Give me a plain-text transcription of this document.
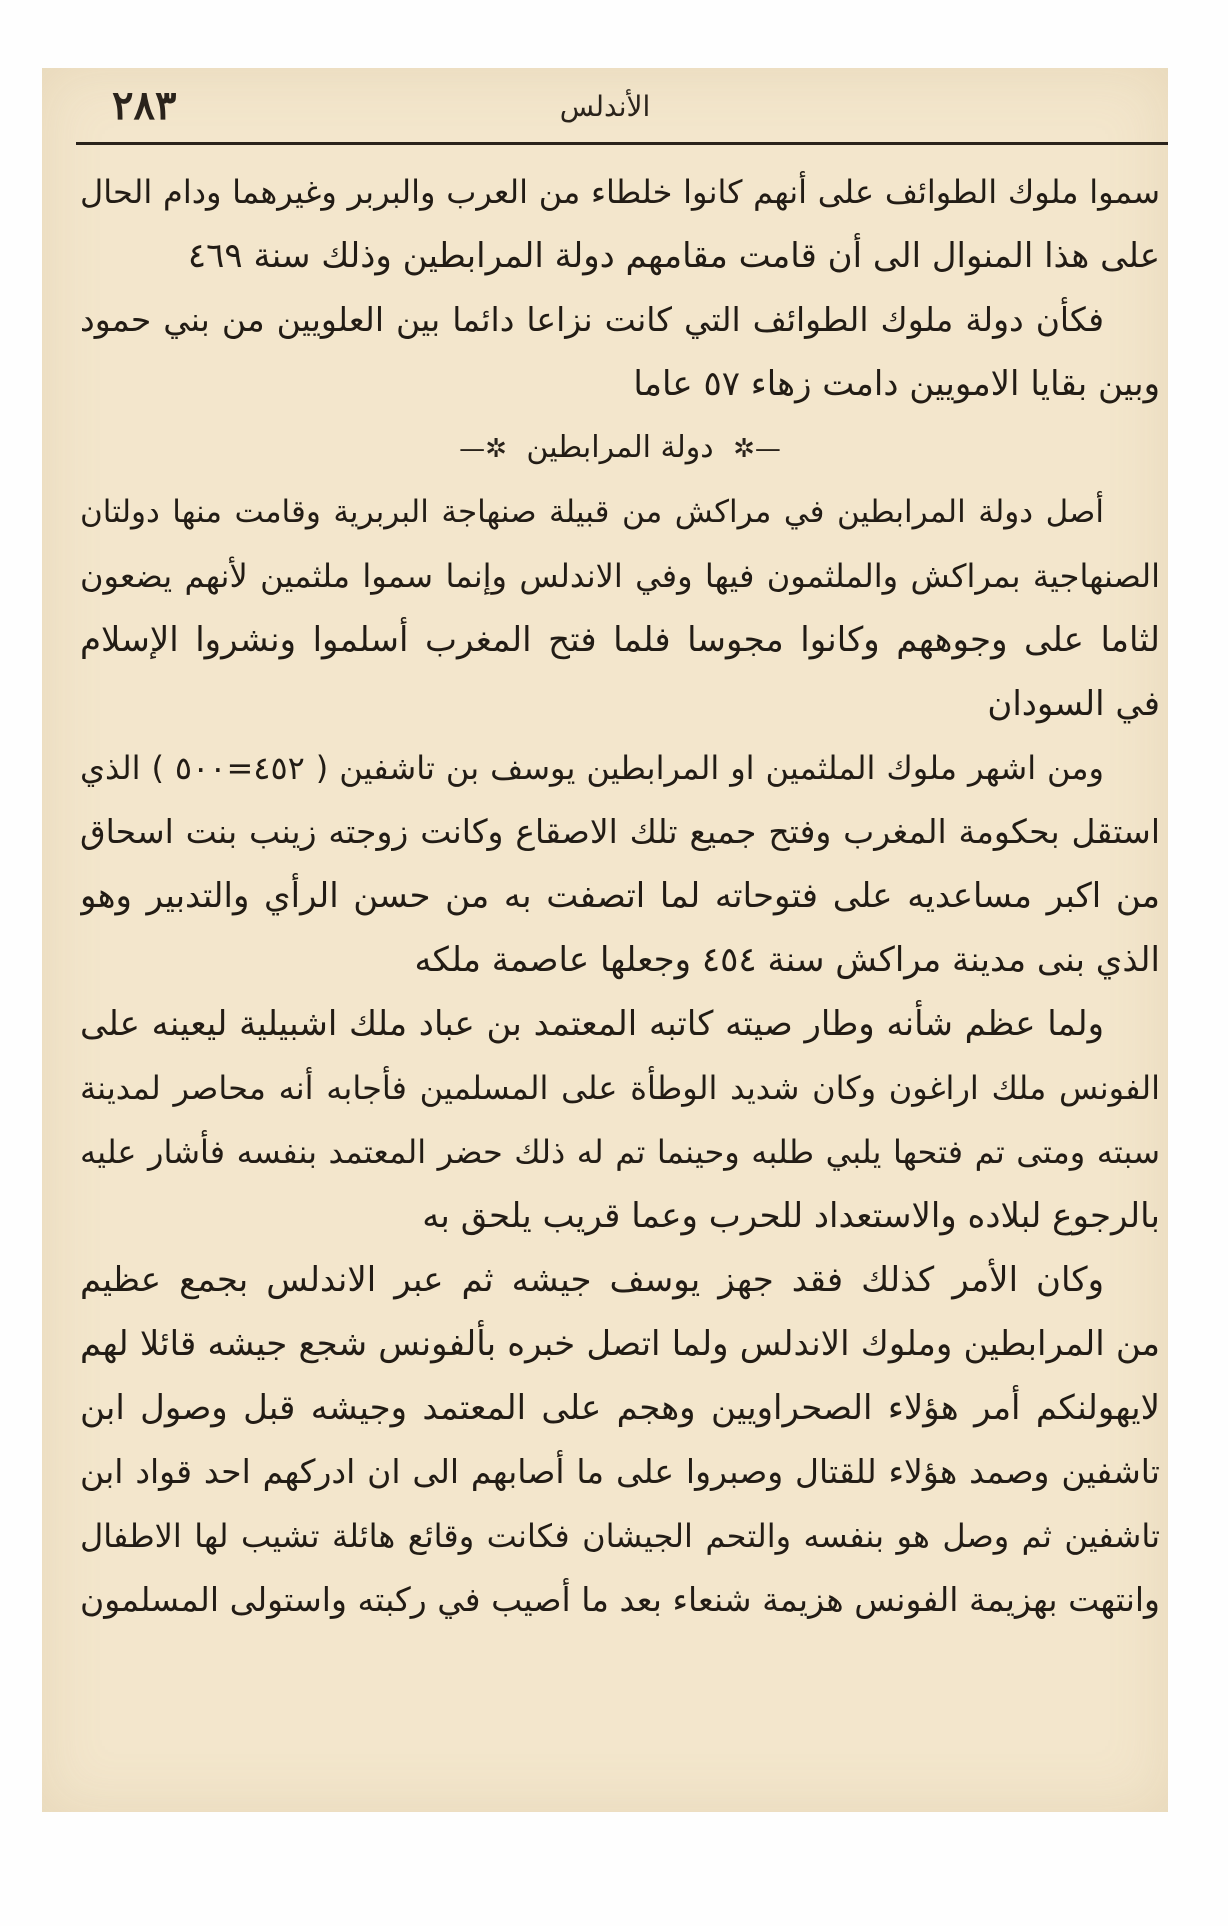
٢٨٣	الأندلس
سموا ملوك الطوائف على أنهم كانوا خلطاء من العرب والبربر وغيرهما ودام الحال
على هذا المنوال الى أن قامت مقامهم دولة المرابطين وذلك سنة ٤٦٩
فكأن دولة ملوك الطوائف التي كانت نزاعا دائما بين العلويين من بني حمود
وبين بقايا الامويين دامت زهاء ٥٧ عاما
—✲ دولة المرابطين ✲—
أصل دولة المرابطين في مراكش من قبيلة صنهاجة البربرية وقامت منها دولتان
الصنهاجية بمراكش والملثمون فيها وفي الاندلس وإنما سموا ملثمين لأنهم يضعون
لثاما على وجوههم وكانوا مجوسا فلما فتح المغرب أسلموا ونشروا الإسلام
في السودان
ومن اشهر ملوك الملثمين او المرابطين يوسف بن تاشفين ( ٤٥٢=٥٠٠ ) الذي
استقل بحكومة المغرب وفتح جميع تلك الاصقاع وكانت زوجته زينب بنت اسحاق
من اكبر مساعديه على فتوحاته لما اتصفت به من حسن الرأي والتدبير وهو
الذي بنى مدينة مراكش سنة ٤٥٤ وجعلها عاصمة ملكه
ولما عظم شأنه وطار صيته كاتبه المعتمد بن عباد ملك اشبيلية ليعينه على
الفونس ملك اراغون وكان شديد الوطأة على المسلمين فأجابه أنه محاصر لمدينة
سبته ومتى تم فتحها يلبي طلبه وحينما تم له ذلك حضر المعتمد بنفسه فأشار عليه
بالرجوع لبلاده والاستعداد للحرب وعما قريب يلحق به
وكان الأمر كذلك فقد جهز يوسف جيشه ثم عبر الاندلس بجمع عظيم
من المرابطين وملوك الاندلس ولما اتصل خبره بألفونس شجع جيشه قائلا لهم
لايهولنكم أمر هؤلاء الصحراويين وهجم على المعتمد وجيشه قبل وصول ابن
تاشفين وصمد هؤلاء للقتال وصبروا على ما أصابهم الى ان ادركهم احد قواد ابن
تاشفين ثم وصل هو بنفسه والتحم الجيشان فكانت وقائع هائلة تشيب لها الاطفال
وانتهت بهزيمة الفونس هزيمة شنعاء بعد ما أصيب في ركبته واستولى المسلمون
